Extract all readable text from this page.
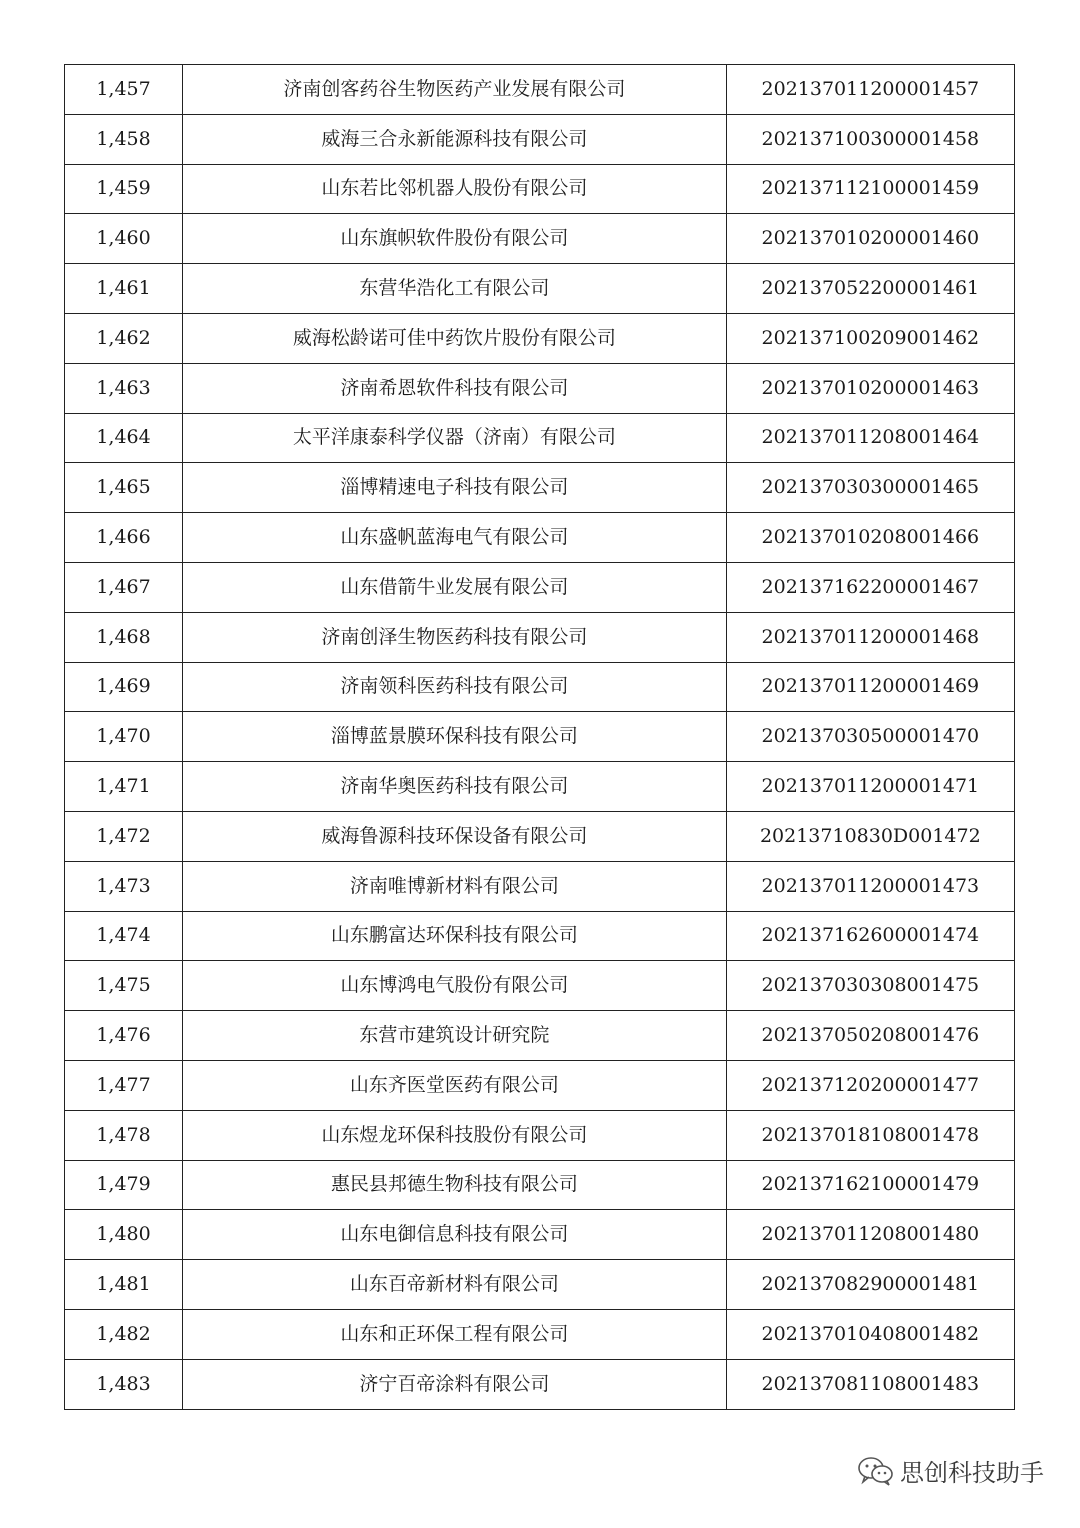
1,457	济南创客药谷生物医药产业发展有限公司	202137011200001457
1,458	威海三合永新能源科技有限公司	202137100300001458
1,459	山东若比邻机器人股份有限公司	202137112100001459
1,460	山东旗帜软件股份有限公司	202137010200001460
1,461	东营华浩化工有限公司	202137052200001461
1,462	威海松龄诺可佳中药饮片股份有限公司	202137100209001462
1,463	济南希恩软件科技有限公司	202137010200001463
1,464	太平洋康泰科学仪器（济南）有限公司	202137011208001464
1,465	淄博精速电子科技有限公司	202137030300001465
1,466	山东盛帆蓝海电气有限公司	202137010208001466
1,467	山东借箭牛业发展有限公司	202137162200001467
1,468	济南创泽生物医药科技有限公司	202137011200001468
1,469	济南领科医药科技有限公司	202137011200001469
1,470	淄博蓝景膜环保科技有限公司	202137030500001470
1,471	济南华奥医药科技有限公司	202137011200001471
1,472	威海鲁源科技环保设备有限公司	20213710830D001472
1,473	济南唯博新材料有限公司	202137011200001473
1,474	山东鹏富达环保科技有限公司	202137162600001474
1,475	山东博鸿电气股份有限公司	202137030308001475
1,476	东营市建筑设计研究院	202137050208001476
1,477	山东齐医堂医药有限公司	202137120200001477
1,478	山东煜龙环保科技股份有限公司	202137018108001478
1,479	惠民县邦德生物科技有限公司	202137162100001479
1,480	山东电御信息科技有限公司	202137011208001480
1,481	山东百帝新材料有限公司	202137082900001481
1,482	山东和正环保工程有限公司	202137010408001482
1,483	济宁百帝涂料有限公司	202137081108001483
思创科技助手
